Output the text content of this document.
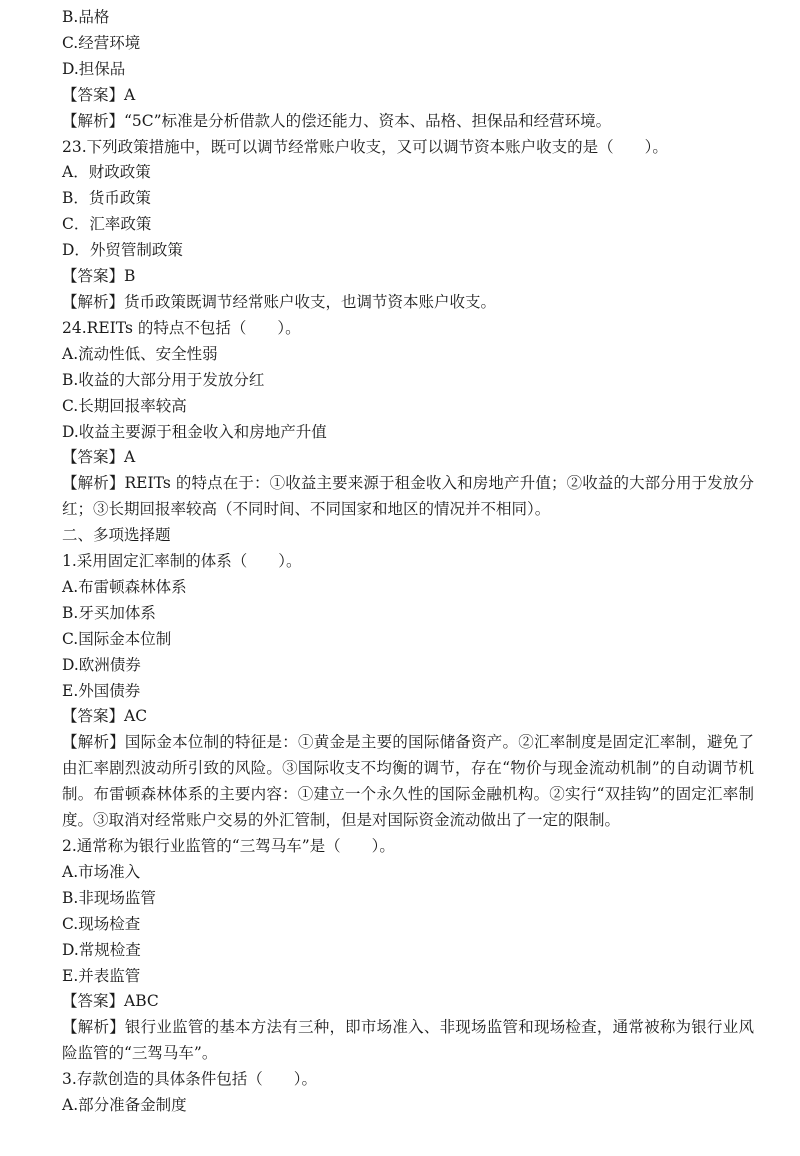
B.品格
C.经营环境
D.担保品
【答案】A
【解析】“5C”标准是分析借款人的偿还能力、资本、品格、担保品和经营环境。
23.下列政策措施中，既可以调节经常账户收支，又可以调节资本账户收支的是（　　）。
A．财政政策
B．货币政策
C．汇率政策
D．外贸管制政策
【答案】B
【解析】货币政策既调节经常账户收支，也调节资本账户收支。
24.REITs 的特点不包括（　　）。
A.流动性低、安全性弱
B.收益的大部分用于发放分红
C.长期回报率较高
D.收益主要源于租金收入和房地产升值
【答案】A
【解析】REITs 的特点在于：①收益主要来源于租金收入和房地产升值；②收益的大部分用于发放分红；③长期回报率较高（不同时间、不同国家和地区的情况并不相同）。
二、多项选择题
1.采用固定汇率制的体系（　　）。
A.布雷顿森林体系
B.牙买加体系
C.国际金本位制
D.欧洲债券
E.外国债券
【答案】AC
【解析】国际金本位制的特征是：①黄金是主要的国际储备资产。②汇率制度是固定汇率制，避免了由汇率剧烈波动所引致的风险。③国际收支不均衡的调节，存在“物价与现金流动机制”的自动调节机制。布雷顿森林体系的主要内容：①建立一个永久性的国际金融机构。②实行“双挂钩”的固定汇率制度。③取消对经常账户交易的外汇管制，但是对国际资金流动做出了一定的限制。
2.通常称为银行业监管的“三驾马车”是（　　）。
A.市场准入
B.非现场监管
C.现场检查
D.常规检查
E.并表监管
【答案】ABC
【解析】银行业监管的基本方法有三种，即市场准入、非现场监管和现场检查，通常被称为银行业风险监管的“三驾马车”。
3.存款创造的具体条件包括（　　）。
A.部分准备金制度
